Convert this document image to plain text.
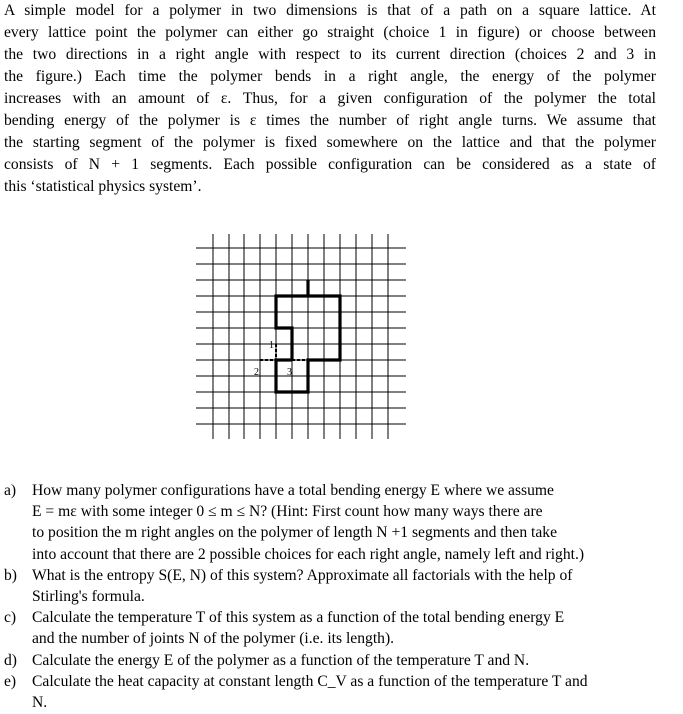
A simple model for a polymer in two dimensions is that of a path on a square lattice. At
every lattice point the polymer can either go straight (choice 1 in figure) or choose between
the two directions in a right angle with respect to its current direction (choices 2 and 3 in
the figure.) Each time the polymer bends in a right angle, the energy of the polymer
increases with an amount of ε. Thus, for a given configuration of the polymer the total
bending energy of the polymer is ε times the number of right angle turns. We assume that
the starting segment of the polymer is fixed somewhere on the lattice and that the polymer
consists of N + 1 segments. Each possible configuration can be considered as a state of
this ‘statistical physics system’.
1
2	3
a)	How many polymer configurations have a total bending energy E where we assume
E = mε with some integer 0 ≤ m ≤ N? (Hint: First count how many ways there are
to position the m right angles on the polymer of length N +1 segments and then take
into account that there are 2 possible choices for each right angle, namely left and right.)
b) What is the entropy S(E, N) of this system? Approximate all factorials with the help of
Stirling's formula.
c)	Calculate the temperature T of this system as a function of the total bending energy E
and the number of joints N of the polymer (i.e. its length).
d) Calculate the energy E of the polymer as a function of the temperature T and N.
e)	Calculate the heat capacity at constant length C_V as a function of the temperature T and
N.
